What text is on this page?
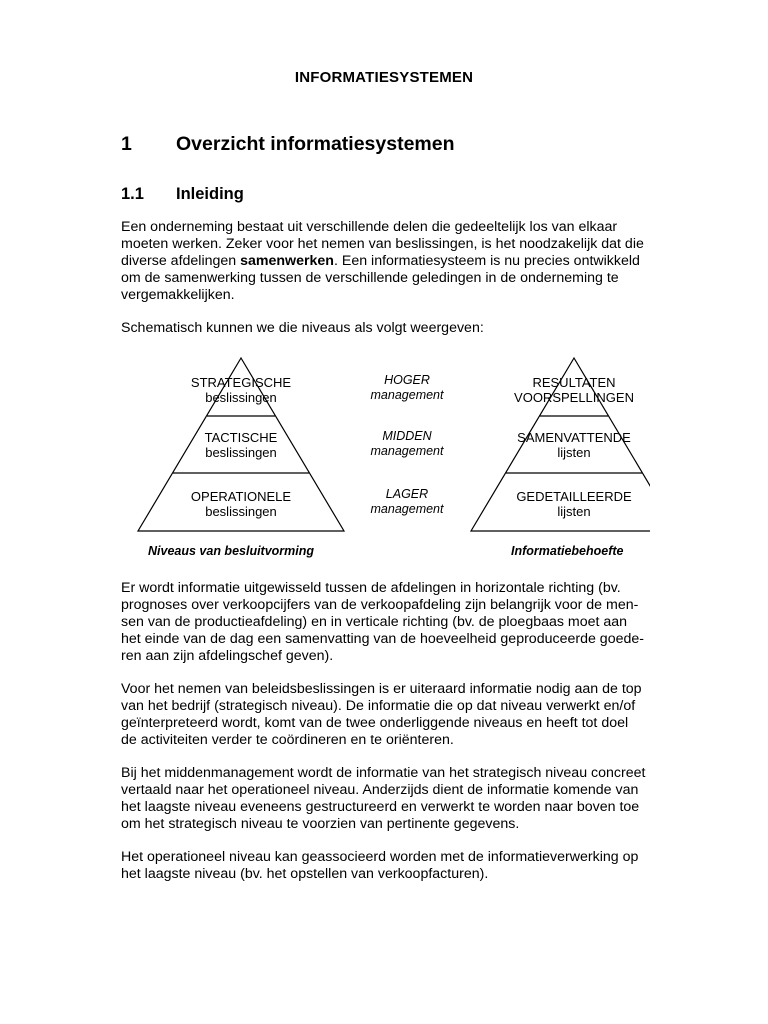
INFORMATIESYSTEMEN
1 Overzicht informatiesystemen
1.1 Inleiding

Een onderneming bestaat uit verschillende delen die gedeeltelijk los van elkaar
moeten werken. Zeker voor het nemen van beslissingen, is het noodzakelijk dat die
diverse afdelingen samenwerken. Een informatiesysteem is nu precies ontwikkeld
om de samenwerking tussen de verschillende geledingen in de onderneming te
vergemakkelijken.

Schematisch kunnen we die niveaus als volgt weergeven:

STRATEGISCHE
beslissingen
TACTISCHE
beslissingen
OPERATIONELE
beslissingen
HOGER
management
MIDDEN
management
LAGER
management
RESULTATEN
VOORSPELLINGEN
SAMENVATTENDE
lijsten
GEDETAILLEERDE
lijsten
Niveaus van besluitvorming	Informatiebehoefte

Er wordt informatie uitgewisseld tussen de afdelingen in horizontale richting (bv.
prognoses over verkoopcijfers van de verkoopafdeling zijn belangrijk voor de men-
sen van de productieafdeling) en in verticale richting (bv. de ploegbaas moet aan
het einde van de dag een samenvatting van de hoeveelheid geproduceerde goede-
ren aan zijn afdelingschef geven).

Voor het nemen van beleidsbeslissingen is er uiteraard informatie nodig aan de top
van het bedrijf (strategisch niveau). De informatie die op dat niveau verwerkt en/of
geïnterpreteerd wordt, komt van de twee onderliggende niveaus en heeft tot doel
de activiteiten verder te coördineren en te oriënteren.

Bij het middenmanagement wordt de informatie van het strategisch niveau concreet
vertaald naar het operationeel niveau. Anderzijds dient de informatie komende van
het laagste niveau eveneens gestructureerd en verwerkt te worden naar boven toe
om het strategisch niveau te voorzien van pertinente gegevens.

Het operationeel niveau kan geassocieerd worden met de informatieverwerking op
het laagste niveau (bv. het opstellen van verkoopfacturen).
